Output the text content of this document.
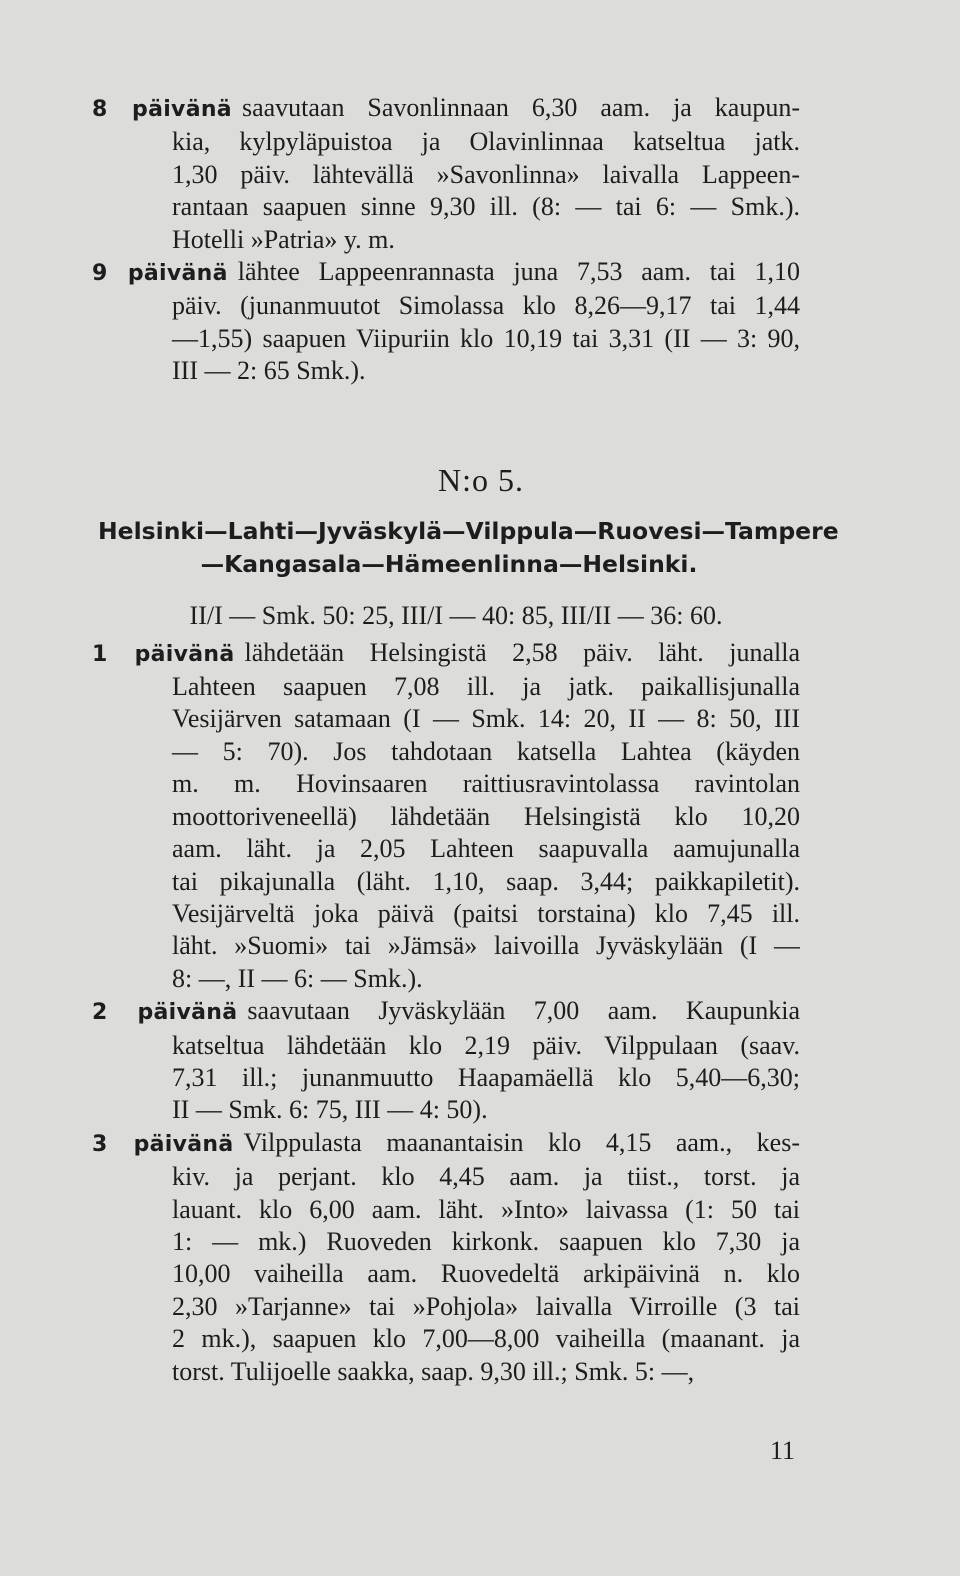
8 päivänä saavutaan Savonlinnaan 6,30 aam. ja kaupun-
kia, kylpyläpuistoa ja Olavinlinnaa katseltua jatk.
1,30 päiv. lähtevällä »Savonlinna» laivalla Lappeen-
rantaan saapuen sinne 9,30 ill. (8: — tai 6: — Smk.).
Hotelli »Patria» y. m.
9 päivänä lähtee Lappeenrannasta juna 7,53 aam. tai 1,10
päiv. (junanmuutot Simolassa klo 8,26—9,17 tai 1,44
—1,55) saapuen Viipuriin klo 10,19 tai 3,31 (II — 3: 90,
III — 2: 65 Smk.).
N:o 5.
Helsinki—Lahti—Jyväskylä—Vilppula—Ruovesi—Tampere
—Kangasala—Hämeenlinna—Helsinki.
II/I — Smk. 50: 25, III/I — 40: 85, III/II — 36: 60.
1 päivänä lähdetään Helsingistä 2,58 päiv. läht. junalla
Lahteen saapuen 7,08 ill. ja jatk. paikallisjunalla
Vesijärven satamaan (I — Smk. 14: 20, II — 8: 50, III
— 5: 70). Jos tahdotaan katsella Lahtea (käyden
m. m. Hovinsaaren raittiusravintolassa ravintolan
moottoriveneellä) lähdetään Helsingistä klo 10,20
aam. läht. ja 2,05 Lahteen saapuvalla aamujunalla
tai pikajunalla (läht. 1,10, saap. 3,44; paikkapiletit).
Vesijärveltä joka päivä (paitsi torstaina) klo 7,45 ill.
läht. »Suomi» tai »Jämsä» laivoilla Jyväskylään (I —
8: —, II — 6: — Smk.).
2 päivänä saavutaan Jyväskylään 7,00 aam. Kaupunkia
katseltua lähdetään klo 2,19 päiv. Vilppulaan (saav.
7,31 ill.; junanmuutto Haapamäellä klo 5,40—6,30;
II — Smk. 6: 75, III — 4: 50).
3 päivänä Vilppulasta maanantaisin klo 4,15 aam., kes-
kiv. ja perjant. klo 4,45 aam. ja tiist., torst. ja
lauant. klo 6,00 aam. läht. »Into» laivassa (1: 50 tai
1: — mk.) Ruoveden kirkonk. saapuen klo 7,30 ja
10,00 vaiheilla aam. Ruovedeltä arkipäivinä n. klo
2,30 »Tarjanne» tai »Pohjola» laivalla Virroille (3 tai
2 mk.), saapuen klo 7,00—8,00 vaiheilla (maanant. ja
torst. Tulijoelle saakka, saap. 9,30 ill.; Smk. 5: —,
11
